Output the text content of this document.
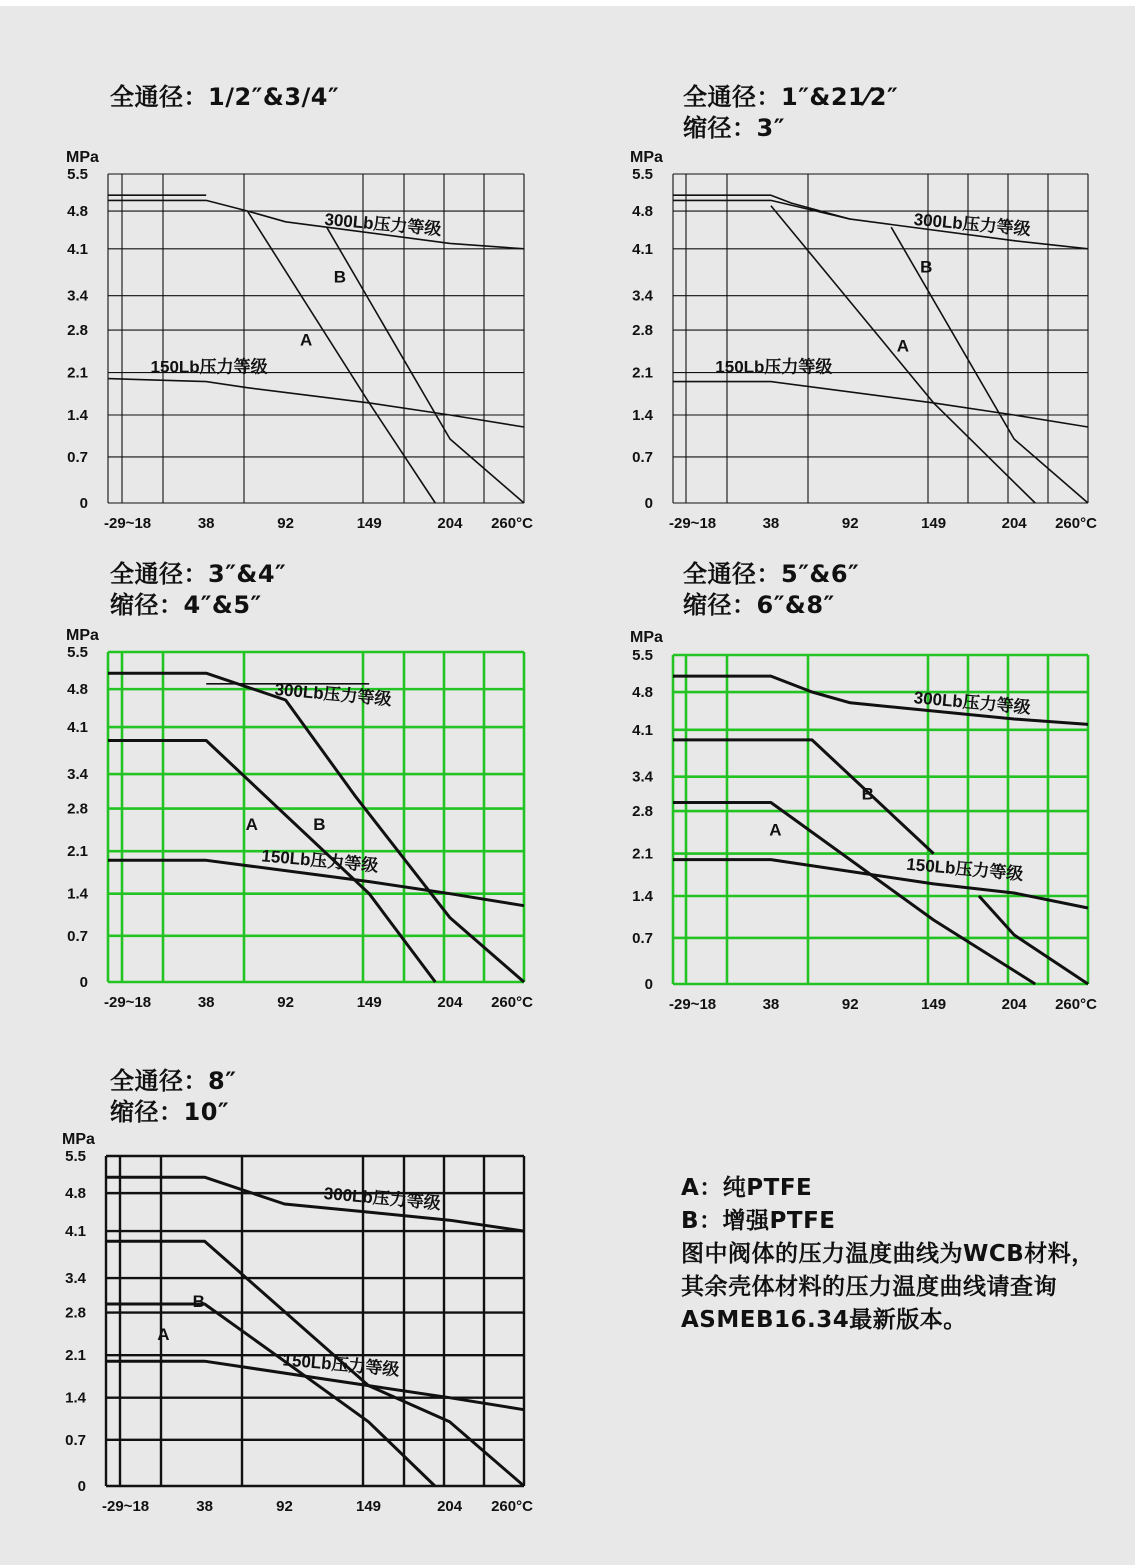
全通径：1/2″&3/4″
MPa
5.5
4.8
4.1
3.4
2.8
2.1
1.4
0.7
0
-29~18	38	92	149	204 260°C
300Lb压力等级
150Lb压力等级
A
B
全通径：1″&21⁄2″
缩径：3″
MPa
5.5
4.8
4.1
3.4
2.8
2.1
1.4
0.7
0
-29~18	38	92	149	204 260°C
300Lb压力等级
150Lb压力等级
A
B
全通径：3″&4″
缩径：4″&5″
MPa
5.5
4.8
4.1
3.4
2.8
2.1
1.4
0.7
0
-29~18	38	92	149	204 260°C
300Lb压力等级
150Lb压力等级
A	B
全通径：5″&6″
缩径：6″&8″
MPa
5.5
4.8
4.1
3.4
2.8
2.1
1.4
0.7
0
-29~18	38	92	149	204 260°C
300Lb压力等级
150Lb压力等级
A
B
全通径：8″
缩径：10″
MPa
5.5
4.8
4.1
3.4
2.8
2.1
1.4
0.7
0
-29~18	38	92	149	204 260°C
300Lb压力等级
150Lb压力等级
A
B
A：纯PTFE
B：增强PTFE
图中阀体的压力温度曲线为WCB材料，
其余壳体材料的压力温度曲线请查询
ASMEB16.34最新版本。
